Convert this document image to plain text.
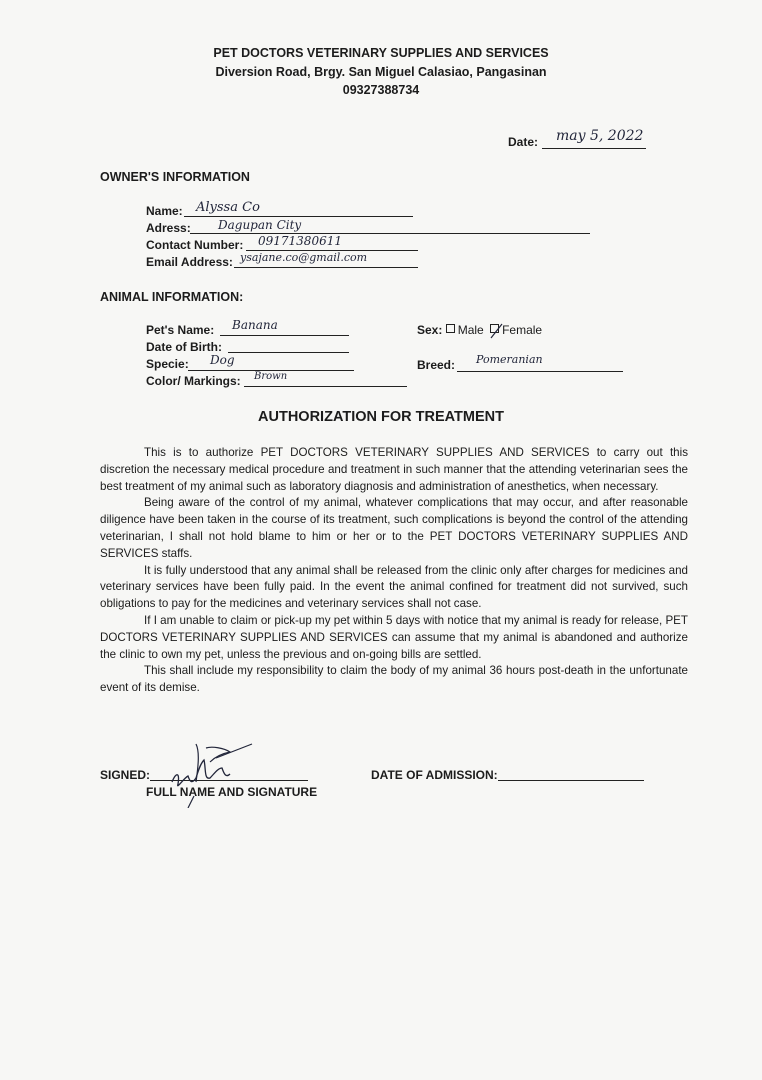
PET DOCTORS VETERINARY SUPPLIES AND SERVICES
Diversion Road, Brgy. San Miguel Calasiao, Pangasinan
09327388734
Date: may 5, 2022
OWNER'S INFORMATION
Name: Alyssa Co
Adress: Dagupan City
Contact Number: 09171380611
Email Address: ysajane.co@gmail.com
ANIMAL INFORMATION:
Pet's Name: Banana
Date of Birth:
Specie: Dog
Color/ Markings: Brown
Sex: Male Female
Breed: Pomeranian
AUTHORIZATION FOR TREATMENT

This is to authorize PET DOCTORS VETERINARY SUPPLIES AND SERVICES to carry out this discretion the necessary medical procedure and treatment in such manner that the attending veterinarian sees the best treatment of my animal such as laboratory diagnosis and administration of anesthetics, when necessary.

Being aware of the control of my animal, whatever complications that may occur, and after reasonable diligence have been taken in the course of its treatment, such complications is beyond the control of the attending veterinarian, I shall not hold blame to him or her or to the PET DOCTORS VETERINARY SUPPLIES AND SERVICES staffs.

It is fully understood that any animal shall be released from the clinic only after charges for medicines and veterinary services have been fully paid. In the event the animal confined for treatment did not survived, such obligations to pay for the medicines and veterinary services shall not case.

If I am unable to claim or pick-up my pet within 5 days with notice that my animal is ready for release, PET DOCTORS VETERINARY SUPPLIES AND SERVICES can assume that my animal is abandoned and authorize the clinic to own my pet, unless the previous and on-going bills are settled.

This shall include my responsibility to claim the body of my animal 36 hours post-death in the unfortunate event of its demise.

SIGNED:
FULL NAME AND SIGNATURE
DATE OF ADMISSION:
